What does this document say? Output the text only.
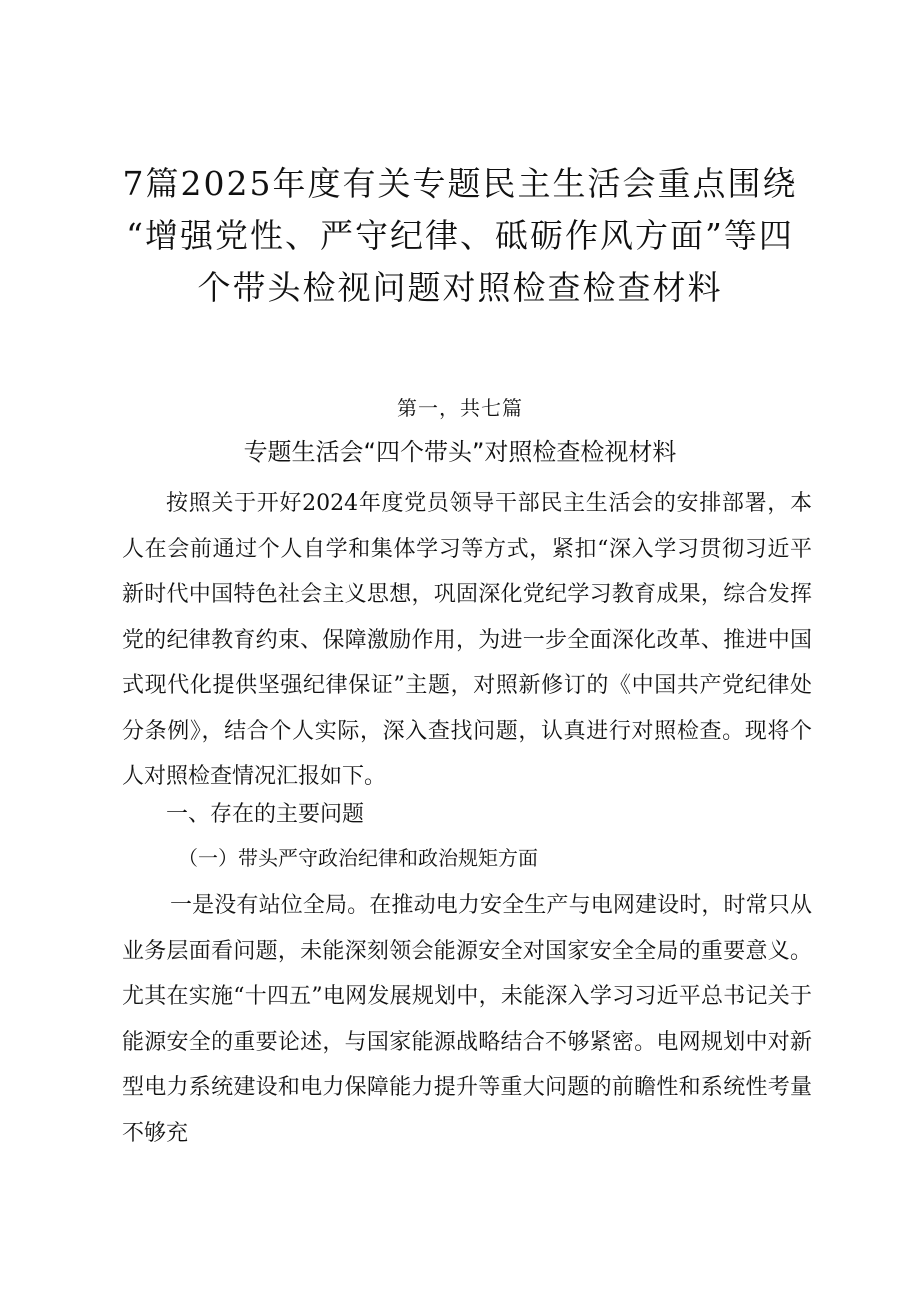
7篇2025年度有关专题民主生活会重点围绕
“增强党性、严守纪律、砥砺作风方面”等四
个带头检视问题对照检查检查材料
第一，共七篇
专题生活会“四个带头”对照检查检视材料
按照关于开好2024年度党员领导干部民主生活会的安排部署，本人在会前通过个人自学和集体学习等方式，紧扣“深入学习贯彻习近平新时代中国特色社会主义思想，巩固深化党纪学习教育成果，综合发挥党的纪律教育约束、保障激励作用，为进一步全面深化改革、推进中国式现代化提供坚强纪律保证”主题，对照新修订的《中国共产党纪律处分条例》，结合个人实际，深入查找问题，认真进行对照检查。现将个人对照检查情况汇报如下。
一、存在的主要问题
（一）带头严守政治纪律和政治规矩方面
一是没有站位全局。在推动电力安全生产与电网建设时，时常只从业务层面看问题，未能深刻领会能源安全对国家安全全局的重要意义。尤其在实施“十四五”电网发展规划中，未能深入学习习近平总书记关于能源安全的重要论述，与国家能源战略结合不够紧密。电网规划中对新型电力系统建设和电力保障能力提升等重大问题的前瞻性和系统性考量不够充
